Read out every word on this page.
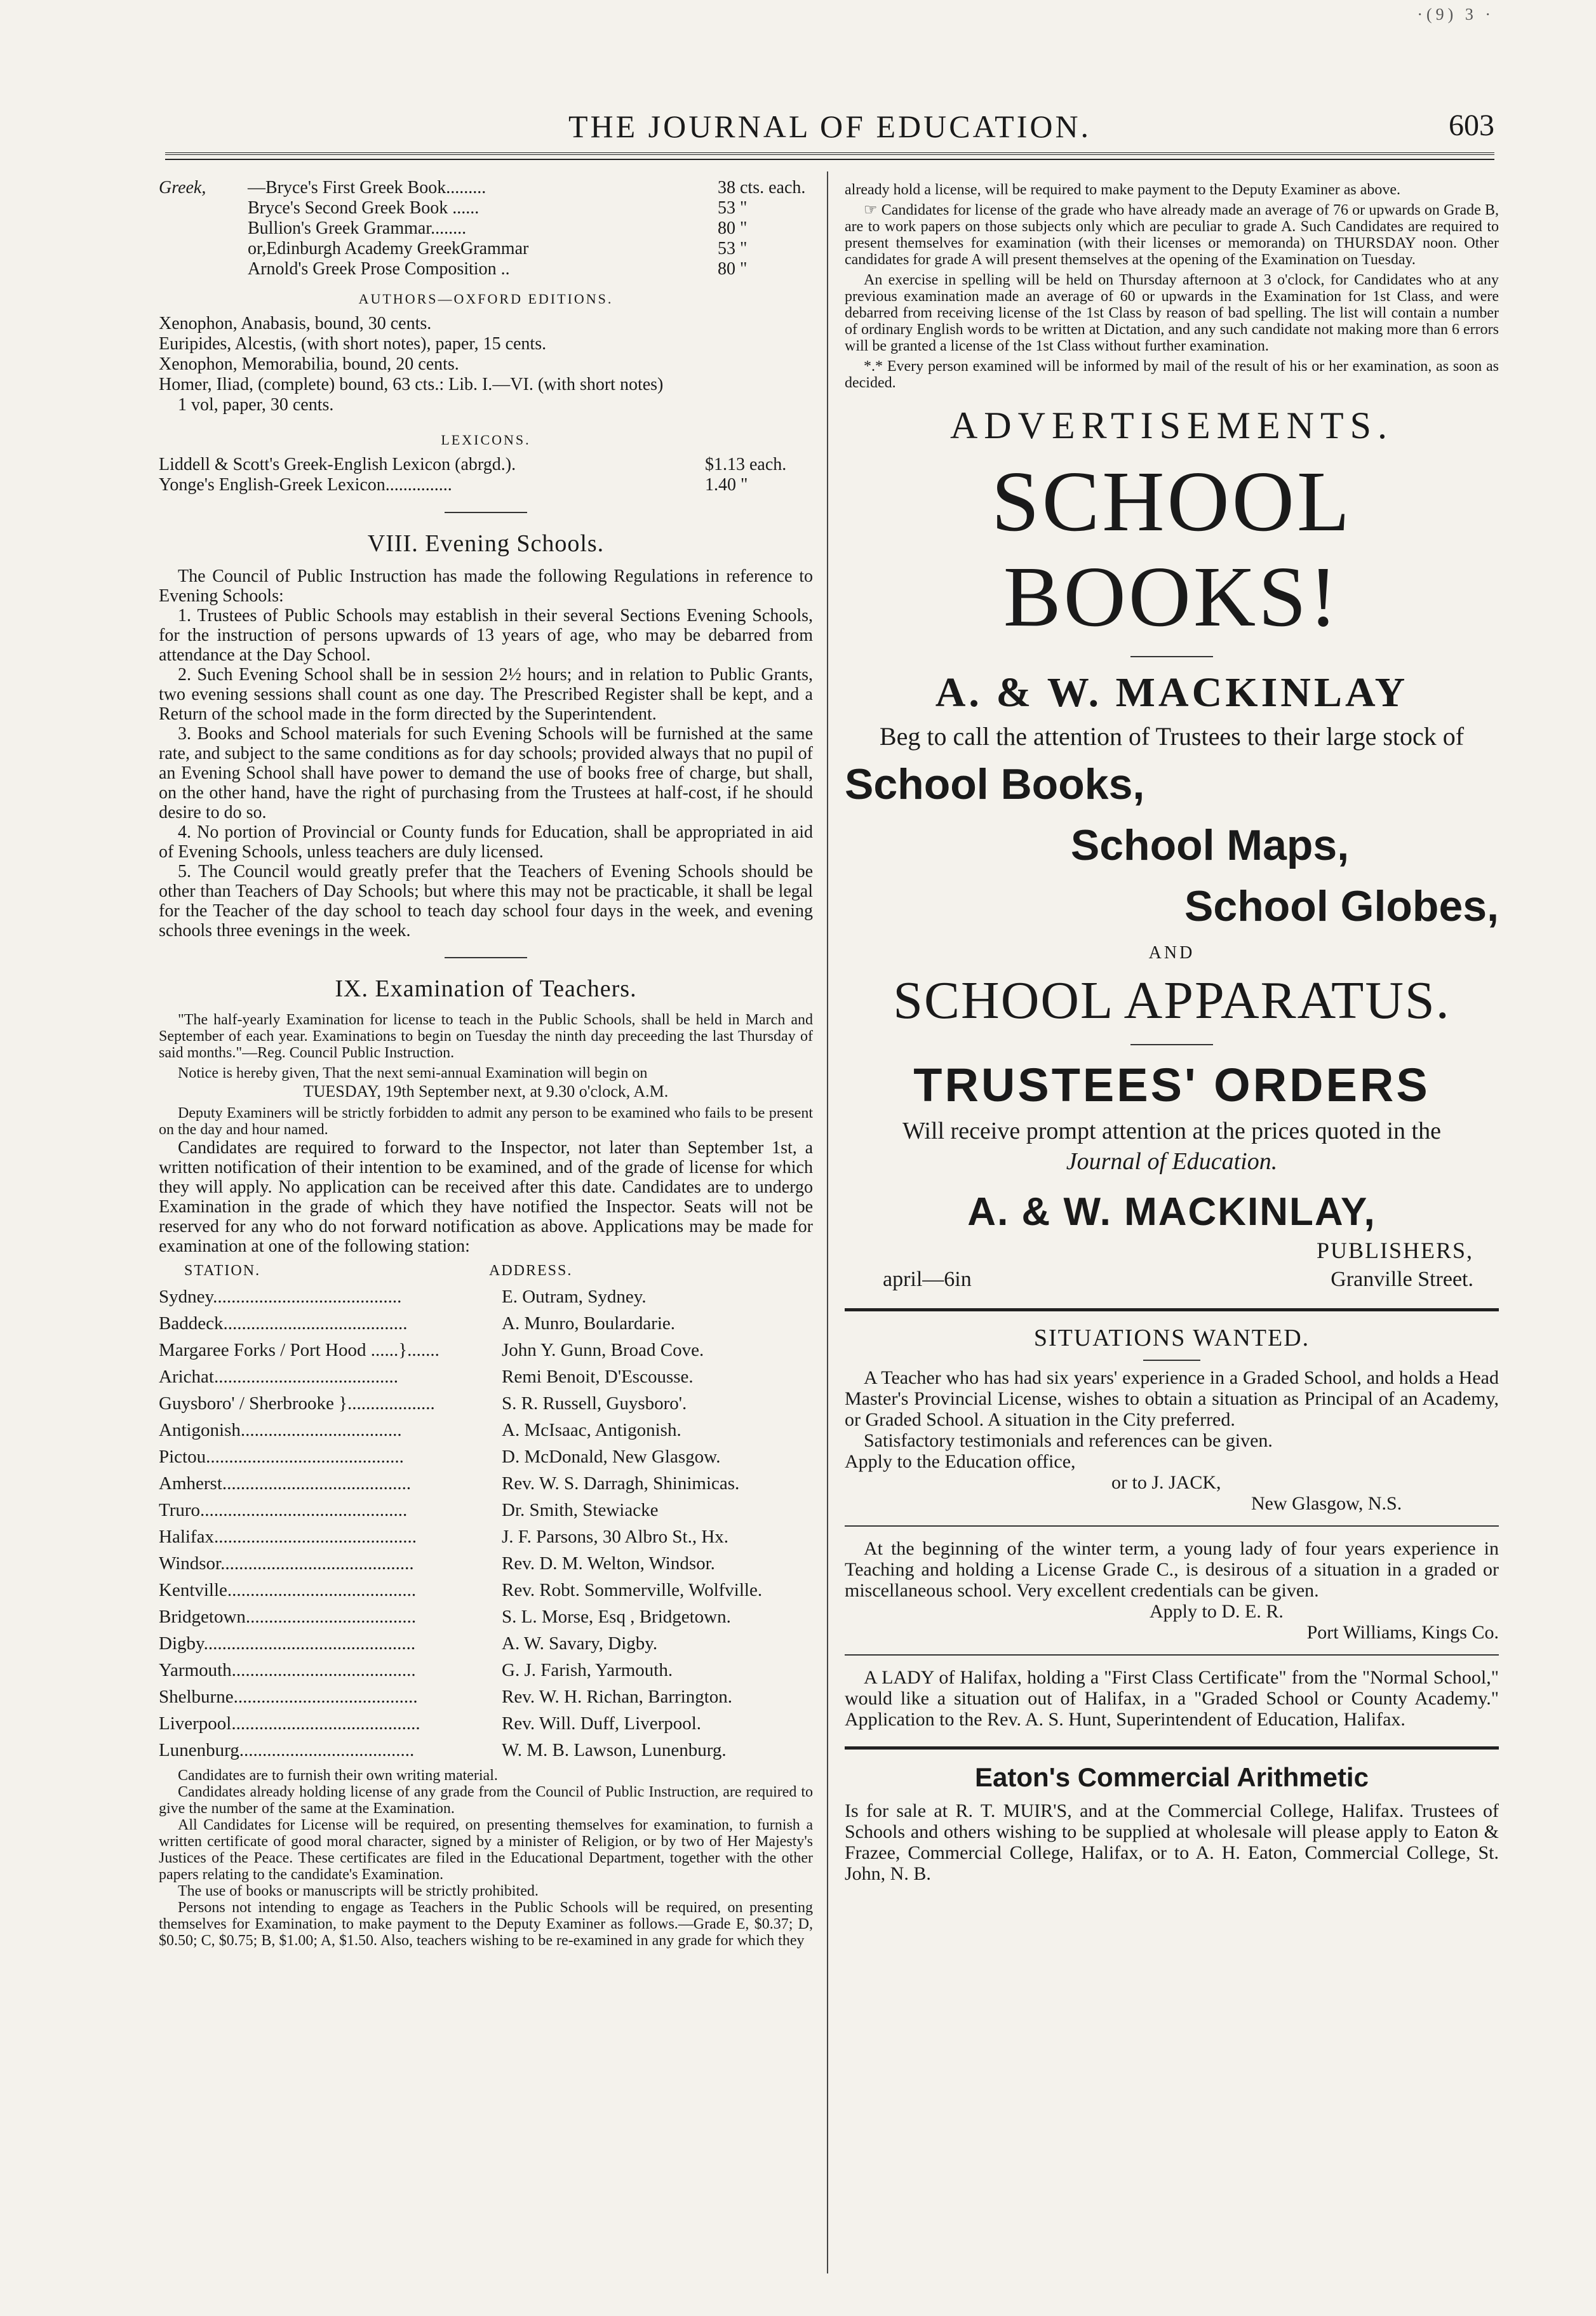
·(9) 3 ·
THE JOURNAL OF EDUCATION.	603
Greek,	—Bryce's First Greek Book.........	38 cts. each.
Bryce's Second Greek Book ......	53 "
Bullion's Greek Grammar........	80 "
or,Edinburgh Academy GreekGrammar	53 "
Arnold's Greek Prose Composition ..	80 "
AUTHORS—OXFORD EDITIONS.
Xenophon, Anabasis, bound, 30 cents.
Euripides, Alcestis, (with short notes), paper, 15 cents.
Xenophon, Memorabilia, bound, 20 cents.
Homer, Iliad, (complete) bound, 63 cts.: Lib. I.—VI. (with short notes)
1 vol, paper, 30 cents.
LEXICONS.
Liddell & Scott's Greek-English Lexicon (abrgd.).	$1.13 each.
Yonge's English-Greek Lexicon...............	1.40 "
VIII. Evening Schools.

The Council of Public Instruction has made the following Regulations in reference to Evening Schools:

1. Trustees of Public Schools may establish in their several Sections Evening Schools, for the instruction of persons upwards of 13 years of age, who may be debarred from attendance at the Day School.

2. Such Evening School shall be in session 2½ hours; and in relation to Public Grants, two evening sessions shall count as one day. The Prescribed Register shall be kept, and a Return of the school made in the form directed by the Superintendent.

3. Books and School materials for such Evening Schools will be furnished at the same rate, and subject to the same conditions as for day schools; provided always that no pupil of an Evening School shall have power to demand the use of books free of charge, but shall, on the other hand, have the right of purchasing from the Trustees at half-cost, if he should desire to do so.

4. No portion of Provincial or County funds for Education, shall be appropriated in aid of Evening Schools, unless teachers are duly licensed.

5. The Council would greatly prefer that the Teachers of Evening Schools should be other than Teachers of Day Schools; but where this may not be practicable, it shall be legal for the Teacher of the day school to teach day school four days in the week, and evening schools three evenings in the week.

IX. Examination of Teachers.

"The half-yearly Examination for license to teach in the Public Schools, shall be held in March and September of each year. Examinations to begin on Tuesday the ninth day preceeding the last Thursday of said months."—Reg. Council Public Instruction.

Notice is hereby given, That the next semi-annual Examination will begin on

TUESDAY, 19th September next, at 9.30 o'clock, A.M.

Deputy Examiners will be strictly forbidden to admit any person to be examined who fails to be present on the day and hour named.

Candidates are required to forward to the Inspector, not later than September 1st, a written notification of their intention to be examined, and of the grade of license for which they will apply. No application can be received after this date. Candidates are to undergo Examination in the grade of which they have notified the Inspector. Seats will not be reserved for any who do not forward notification as above. Applications may be made for examination at one of the following station:

STATION.	ADDRESS.
Sydney.........................................	E. Outram, Sydney.
Baddeck........................................	A. Munro, Boulardarie.
Margaree Forks / Port Hood ......}.......	John Y. Gunn, Broad Cove.
Arichat........................................	Remi Benoit, D'Escousse.
Guysboro' / Sherbrooke }...................	S. R. Russell, Guysboro'.
Antigonish...................................	A. McIsaac, Antigonish.
Pictou...........................................	D. McDonald, New Glasgow.
Amherst.........................................	Rev. W. S. Darragh, Shinimicas.
Truro.............................................	Dr. Smith, Stewiacke
Halifax............................................	J. F. Parsons, 30 Albro St., Hx.
Windsor..........................................	Rev. D. M. Welton, Windsor.
Kentville.........................................	Rev. Robt. Sommerville, Wolfville.
Bridgetown.....................................	S. L. Morse, Esq , Bridgetown.
Digby..............................................	A. W. Savary, Digby.
Yarmouth........................................	G. J. Farish, Yarmouth.
Shelburne........................................	Rev. W. H. Richan, Barrington.
Liverpool.........................................	Rev. Will. Duff, Liverpool.
Lunenburg......................................	W. M. B. Lawson, Lunenburg.

Candidates are to furnish their own writing material.

Candidates already holding license of any grade from the Council of Public Instruction, are required to give the number of the same at the Examination.

All Candidates for License will be required, on presenting themselves for examination, to furnish a written certificate of good moral character, signed by a minister of Religion, or by two of Her Majesty's Justices of the Peace. These certificates are filed in the Educational Department, together with the other papers relating to the candidate's Examination.

The use of books or manuscripts will be strictly prohibited.

Persons not intending to engage as Teachers in the Public Schools will be required, on presenting themselves for Examination, to make payment to the Deputy Examiner as follows.—Grade E, $0.37; D, $0.50; C, $0.75; B, $1.00; A, $1.50. Also, teachers wishing to be re-examined in any grade for which they

already hold a license, will be required to make payment to the Deputy Examiner as above.

☞ Candidates for license of the grade who have already made an average of 76 or upwards on Grade B, are to work papers on those subjects only which are peculiar to grade A. Such Candidates are required to present themselves for examination (with their licenses or memoranda) on THURSDAY noon. Other candidates for grade A will present themselves at the opening of the Examination on Tuesday.

An exercise in spelling will be held on Thursday afternoon at 3 o'clock, for Candidates who at any previous examination made an average of 60 or upwards in the Examination for 1st Class, and were debarred from receiving license of the 1st Class by reason of bad spelling. The list will contain a number of ordinary English words to be written at Dictation, and any such candidate not making more than 6 errors will be granted a license of the 1st Class without further examination.

*.* Every person examined will be informed by mail of the result of his or her examination, as soon as decided.

ADVERTISEMENTS.

SCHOOL BOOKS!

A. & W. MACKINLAY

Beg to call the attention of Trustees to their large stock of

School Books,
School Maps,
School Globes,
AND

SCHOOL APPARATUS.

TRUSTEES' ORDERS

Will receive prompt attention at the prices quoted in the

Journal of Education.

A. & W. MACKINLAY,

PUBLISHERS,
april—6in	Granville Street.
SITUATIONS WANTED.

A Teacher who has had six years' experience in a Graded School, and holds a Head Master's Provincial License, wishes to obtain a situation as Principal of an Academy, or Graded School. A situation in the City preferred.

Satisfactory testimonials and references can be given.

Apply to the Education office,

or to J. JACK,

New Glasgow, N.S.

At the beginning of the winter term, a young lady of four years experience in Teaching and holding a License Grade C., is desirous of a situation in a graded or miscellaneous school. Very excellent credentials can be given.

Apply to D. E. R.

Port Williams, Kings Co.

A LADY of Halifax, holding a "First Class Certificate" from the "Normal School," would like a situation out of Halifax, in a "Graded School or County Academy." Application to the Rev. A. S. Hunt, Superintendent of Education, Halifax.

Eaton's Commercial Arithmetic

Is for sale at R. T. MUIR'S, and at the Commercial College, Halifax. Trustees of Schools and others wishing to be supplied at wholesale will please apply to Eaton & Frazee, Commercial College, Halifax, or to A. H. Eaton, Commercial College, St. John, N. B.
